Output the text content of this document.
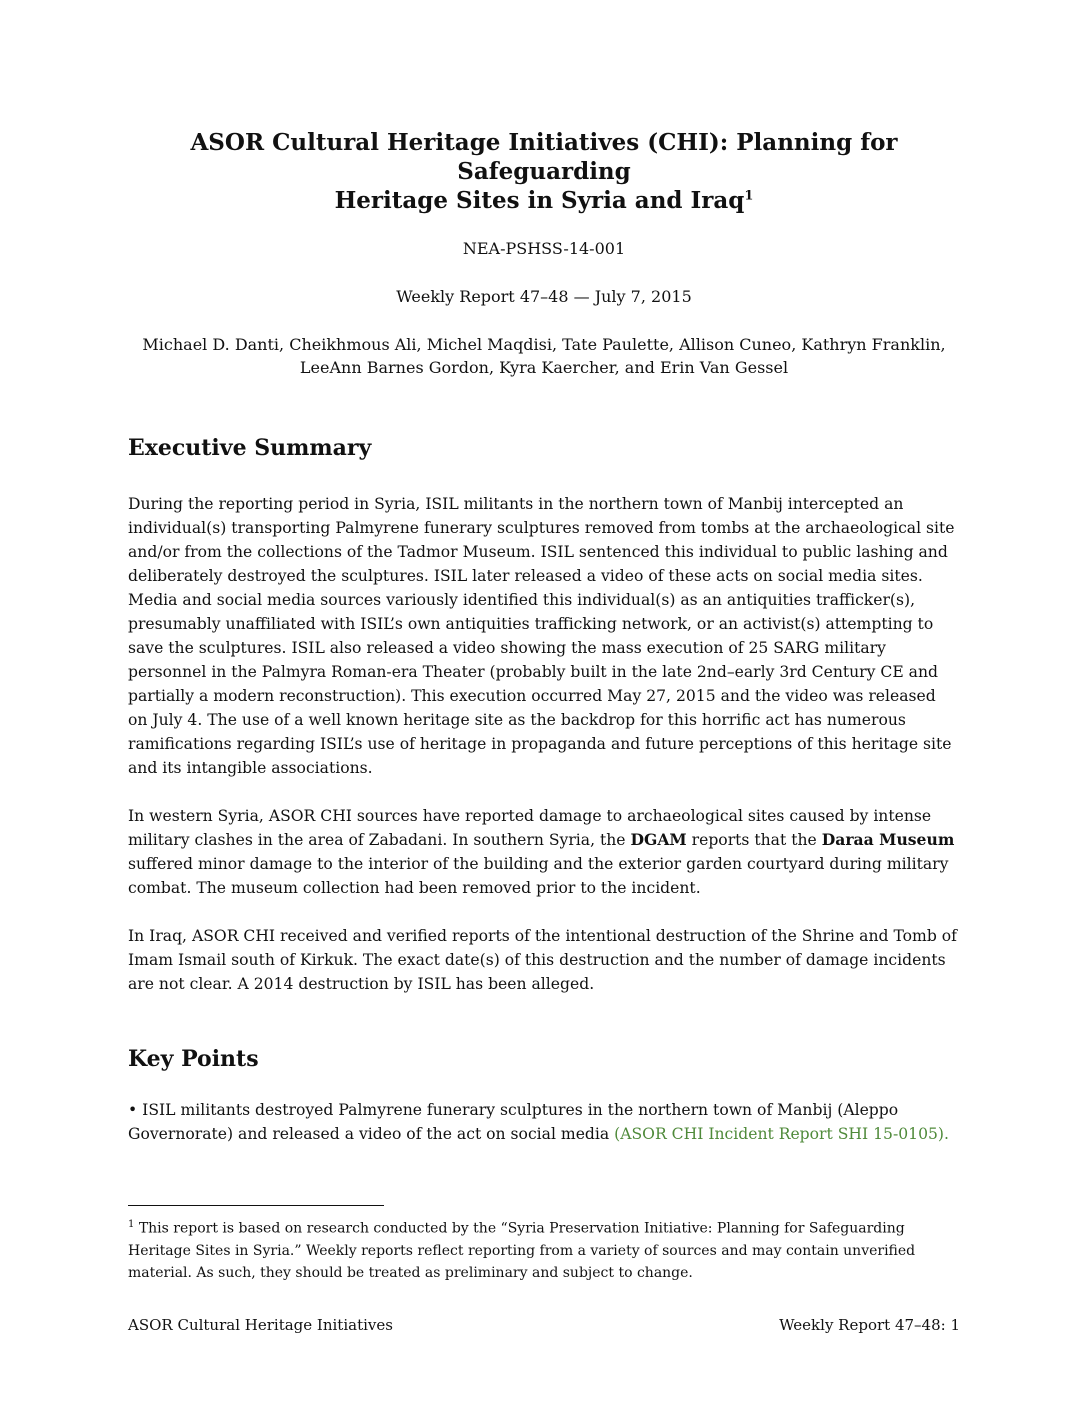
ASOR Cultural Heritage Initiatives (CHI): Planning for Safeguarding
Heritage Sites in Syria and Iraq$^1$

NEA-PSHSS-14-001

Weekly Report 47–48 — July 7, 2015

Michael D. Danti, Cheikhmous Ali, Michel Maqdisi, Tate Paulette, Allison Cuneo, Kathryn Franklin,
LeeAnn Barnes Gordon, Kyra Kaercher, and Erin Van Gessel

Executive Summary

During the reporting period in Syria, ISIL militants in the northern town of Manbij intercepted an individual(s) transporting Palmyrene funerary sculptures removed from tombs at the archaeological site and/or from the collections of the Tadmor Museum. ISIL sentenced this individual to public lashing and deliberately destroyed the sculptures. ISIL later released a video of these acts on social media sites. Media and social media sources variously identified this individual(s) as an antiquities trafficker(s), presumably unaffiliated with ISIL’s own antiquities trafficking network, or an activist(s) attempting to save the sculptures. ISIL also released a video showing the mass execution of 25 SARG military personnel in the Palmyra Roman-era Theater (probably built in the late 2nd–early 3rd Century CE and partially a modern reconstruction). This execution occurred May 27, 2015 and the video was released on July 4. The use of a well known heritage site as the backdrop for this horrific act has numerous ramifications regarding ISIL’s use of heritage in propaganda and future perceptions of this heritage site and its intangible associations.

In western Syria, ASOR CHI sources have reported damage to archaeological sites caused by intense military clashes in the area of Zabadani. In southern Syria, the DGAM reports that the Daraa Museum suffered minor damage to the interior of the building and the exterior garden courtyard during military combat. The museum collection had been removed prior to the incident.

In Iraq, ASOR CHI received and verified reports of the intentional destruction of the Shrine and Tomb of Imam Ismail south of Kirkuk. The exact date(s) of this destruction and the number of damage incidents are not clear. A 2014 destruction by ISIL has been alleged.

Key Points

• ISIL militants destroyed Palmyrene funerary sculptures in the northern town of Manbij (Aleppo Governorate) and released a video of the act on social media (ASOR CHI Incident Report SHI 15-0105).

$^1$ This report is based on research conducted by the “Syria Preservation Initiative: Planning for Safeguarding Heritage Sites in Syria.” Weekly reports reflect reporting from a variety of sources and may contain unverified material. As such, they should be treated as preliminary and subject to change.

ASOR Cultural Heritage Initiatives	Weekly Report 47–48: 1
